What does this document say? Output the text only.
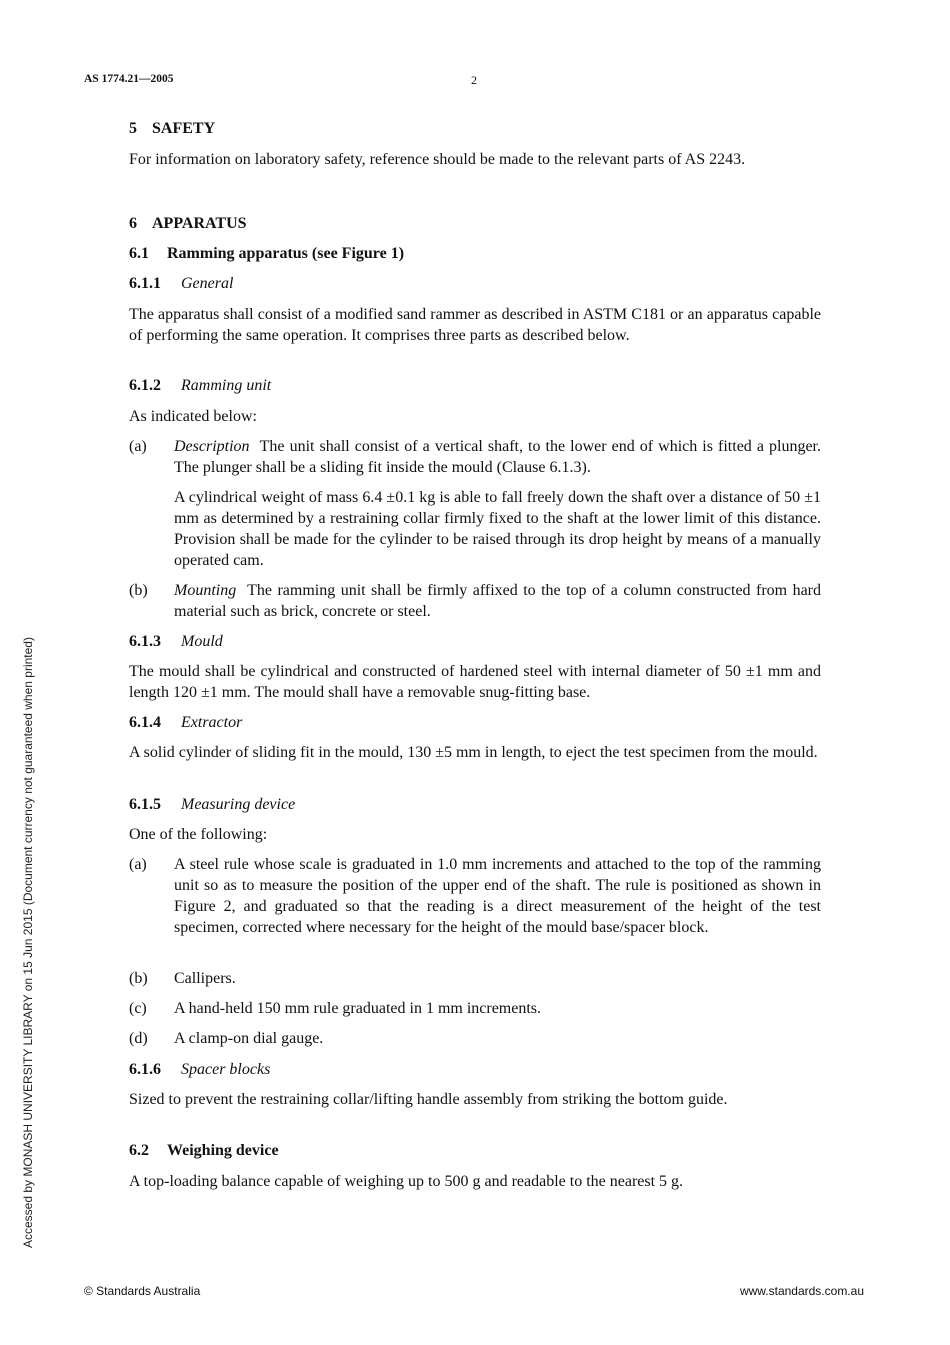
AS 1774.21—2005	2
Accessed by MONASH UNIVERSITY LIBRARY on 15 Jun 2015 (Document currency not guaranteed when printed)
5 SAFETY
For information on laboratory safety, reference should be made to the relevant parts of AS 2243.
6 APPARATUS
6.1 Ramming apparatus (see Figure 1)
6.1.1 General
The apparatus shall consist of a modified sand rammer as described in ASTM C181 or an apparatus capable of performing the same operation. It comprises three parts as described below.
6.1.2 Ramming unit
As indicated below:
(a) Description The unit shall consist of a vertical shaft, to the lower end of which is fitted a plunger. The plunger shall be a sliding fit inside the mould (Clause 6.1.3).
A cylindrical weight of mass 6.4 ±0.1 kg is able to fall freely down the shaft over a distance of 50 ±1 mm as determined by a restraining collar firmly fixed to the shaft at the lower limit of this distance. Provision shall be made for the cylinder to be raised through its drop height by means of a manually operated cam.
(b) Mounting The ramming unit shall be firmly affixed to the top of a column constructed from hard material such as brick, concrete or steel.
6.1.3 Mould
The mould shall be cylindrical and constructed of hardened steel with internal diameter of 50 ±1 mm and length 120 ±1 mm. The mould shall have a removable snug-fitting base.
6.1.4 Extractor
A solid cylinder of sliding fit in the mould, 130 ±5 mm in length, to eject the test specimen from the mould.
6.1.5 Measuring device
One of the following:
(a) A steel rule whose scale is graduated in 1.0 mm increments and attached to the top of the ramming unit so as to measure the position of the upper end of the shaft. The rule is positioned as shown in Figure 2, and graduated so that the reading is a direct measurement of the height of the test specimen, corrected where necessary for the height of the mould base/spacer block.
(b) Callipers.
(c) A hand-held 150 mm rule graduated in 1 mm increments.
(d) A clamp-on dial gauge.
6.1.6 Spacer blocks
Sized to prevent the restraining collar/lifting handle assembly from striking the bottom guide.
6.2 Weighing device
A top-loading balance capable of weighing up to 500 g and readable to the nearest 5 g.
© Standards Australia	www.standards.com.au
